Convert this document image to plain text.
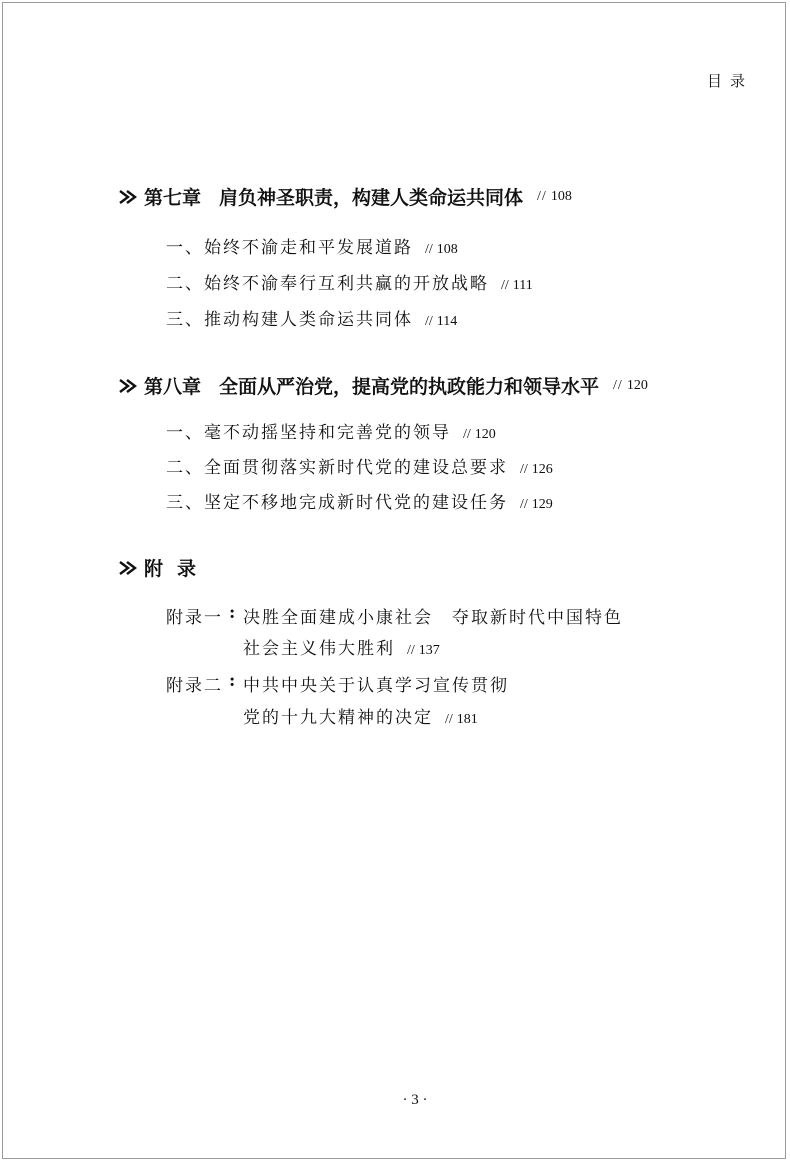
目录
第七章 肩负神圣职责，构建人类命运共同体 // 108
一、始终不渝走和平发展道路 // 108
二、始终不渝奉行互利共赢的开放战略 // 111
三、推动构建人类命运共同体 // 114
第八章 全面从严治党，提高党的执政能力和领导水平 // 120
一、毫不动摇坚持和完善党的领导 // 120
二、全面贯彻落实新时代党的建设总要求 // 126
三、坚定不移地完成新时代党的建设任务 // 129
附录
附录一 : 决胜全面建成小康社会　夺取新时代中国特色
社会主义伟大胜利 // 137
附录二 : 中共中央关于认真学习宣传贯彻
党的十九大精神的决定 // 181
· 3 ·
